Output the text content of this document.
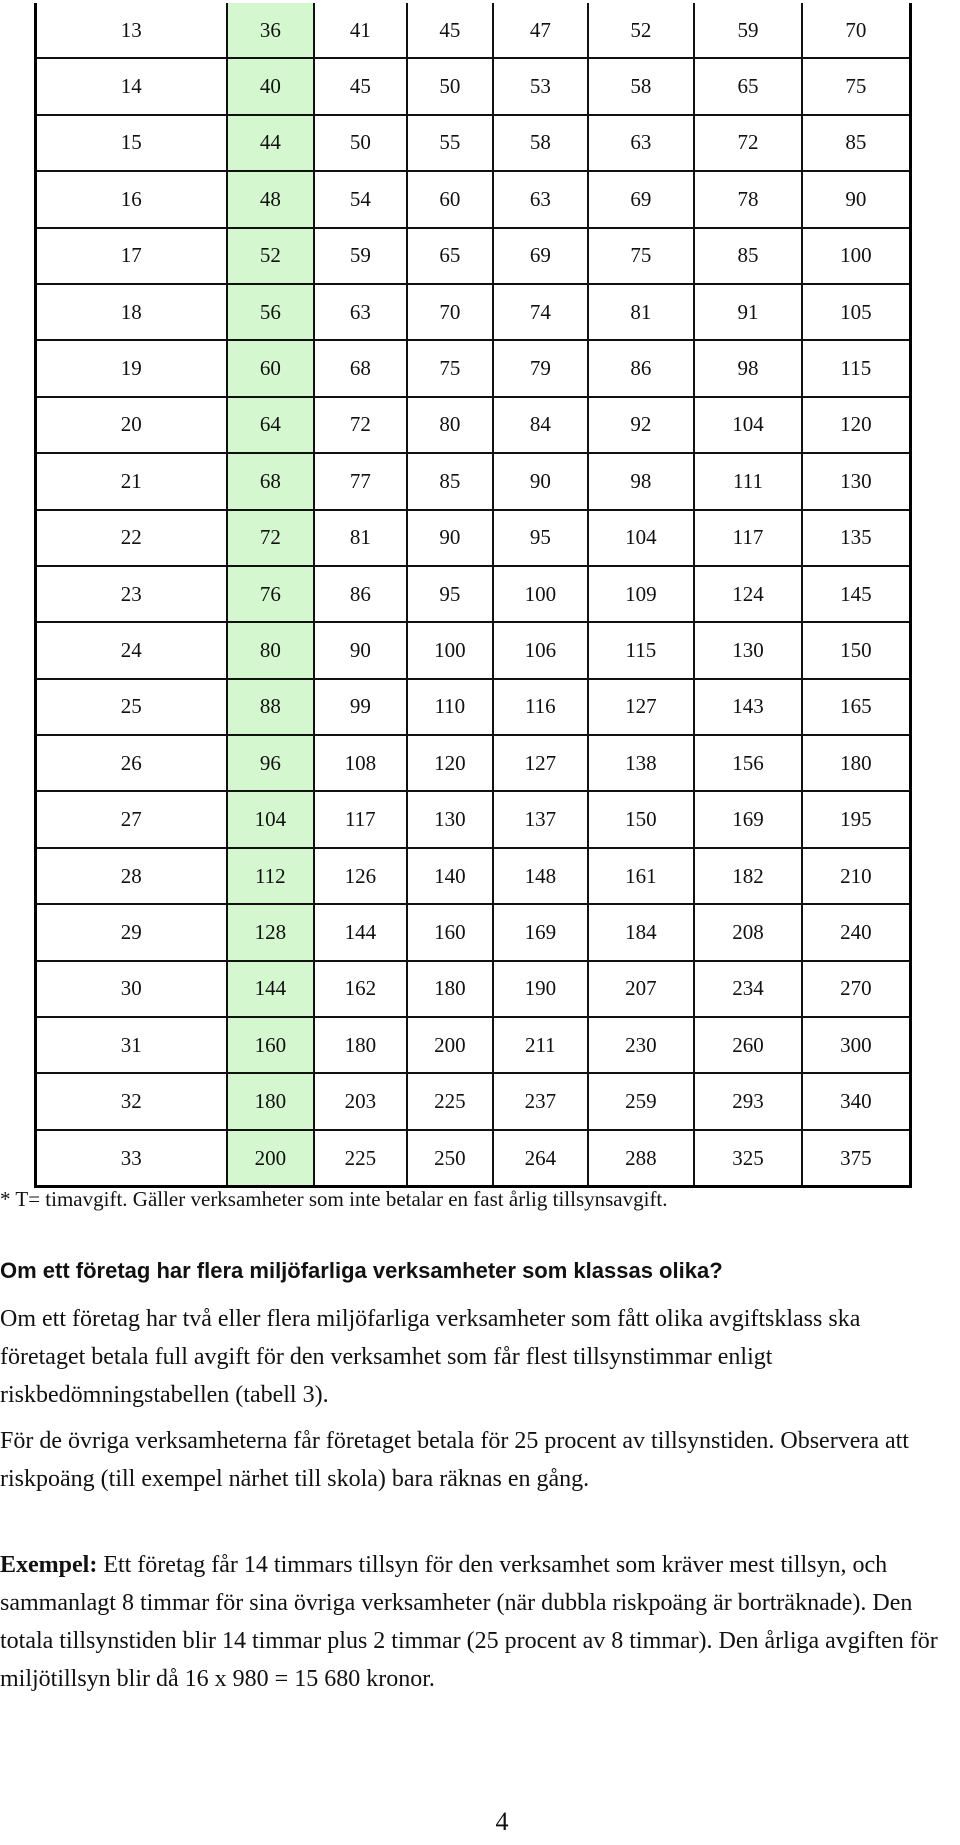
13	36	41	45	47	52	59	70
14	40	45	50	53	58	65	75
15	44	50	55	58	63	72	85
16	48	54	60	63	69	78	90
17	52	59	65	69	75	85	100
18	56	63	70	74	81	91	105
19	60	68	75	79	86	98	115
20	64	72	80	84	92	104	120
21	68	77	85	90	98	111	130
22	72	81	90	95	104	117	135
23	76	86	95	100	109	124	145
24	80	90	100	106	115	130	150
25	88	99	110	116	127	143	165
26	96	108	120	127	138	156	180
27	104	117	130	137	150	169	195
28	112	126	140	148	161	182	210
29	128	144	160	169	184	208	240
30	144	162	180	190	207	234	270
31	160	180	200	211	230	260	300
32	180	203	225	237	259	293	340
33	200	225	250	264	288	325	375

* T= timavgift. Gäller verksamheter som inte betalar en fast årlig tillsynsavgift.

Om ett företag har flera miljöfarliga verksamheter som klassas olika?

Om ett företag har två eller flera miljöfarliga verksamheter som fått olika avgiftsklass ska företaget betala full avgift för den verksamhet som får flest tillsynstimmar enligt riskbedömningstabellen (tabell 3).

För de övriga verksamheterna får företaget betala för 25 procent av tillsynstiden. Observera att riskpoäng (till exempel närhet till skola) bara räknas en gång.

Exempel: Ett företag får 14 timmars tillsyn för den verksamhet som kräver mest tillsyn, och sammanlagt 8 timmar för sina övriga verksamheter (när dubbla riskpoäng är borträknade). Den totala tillsynstiden blir 14 timmar plus 2 timmar (25 procent av 8 timmar). Den årliga avgiften för miljötillsyn blir då 16 x 980 = 15 680 kronor.

4
